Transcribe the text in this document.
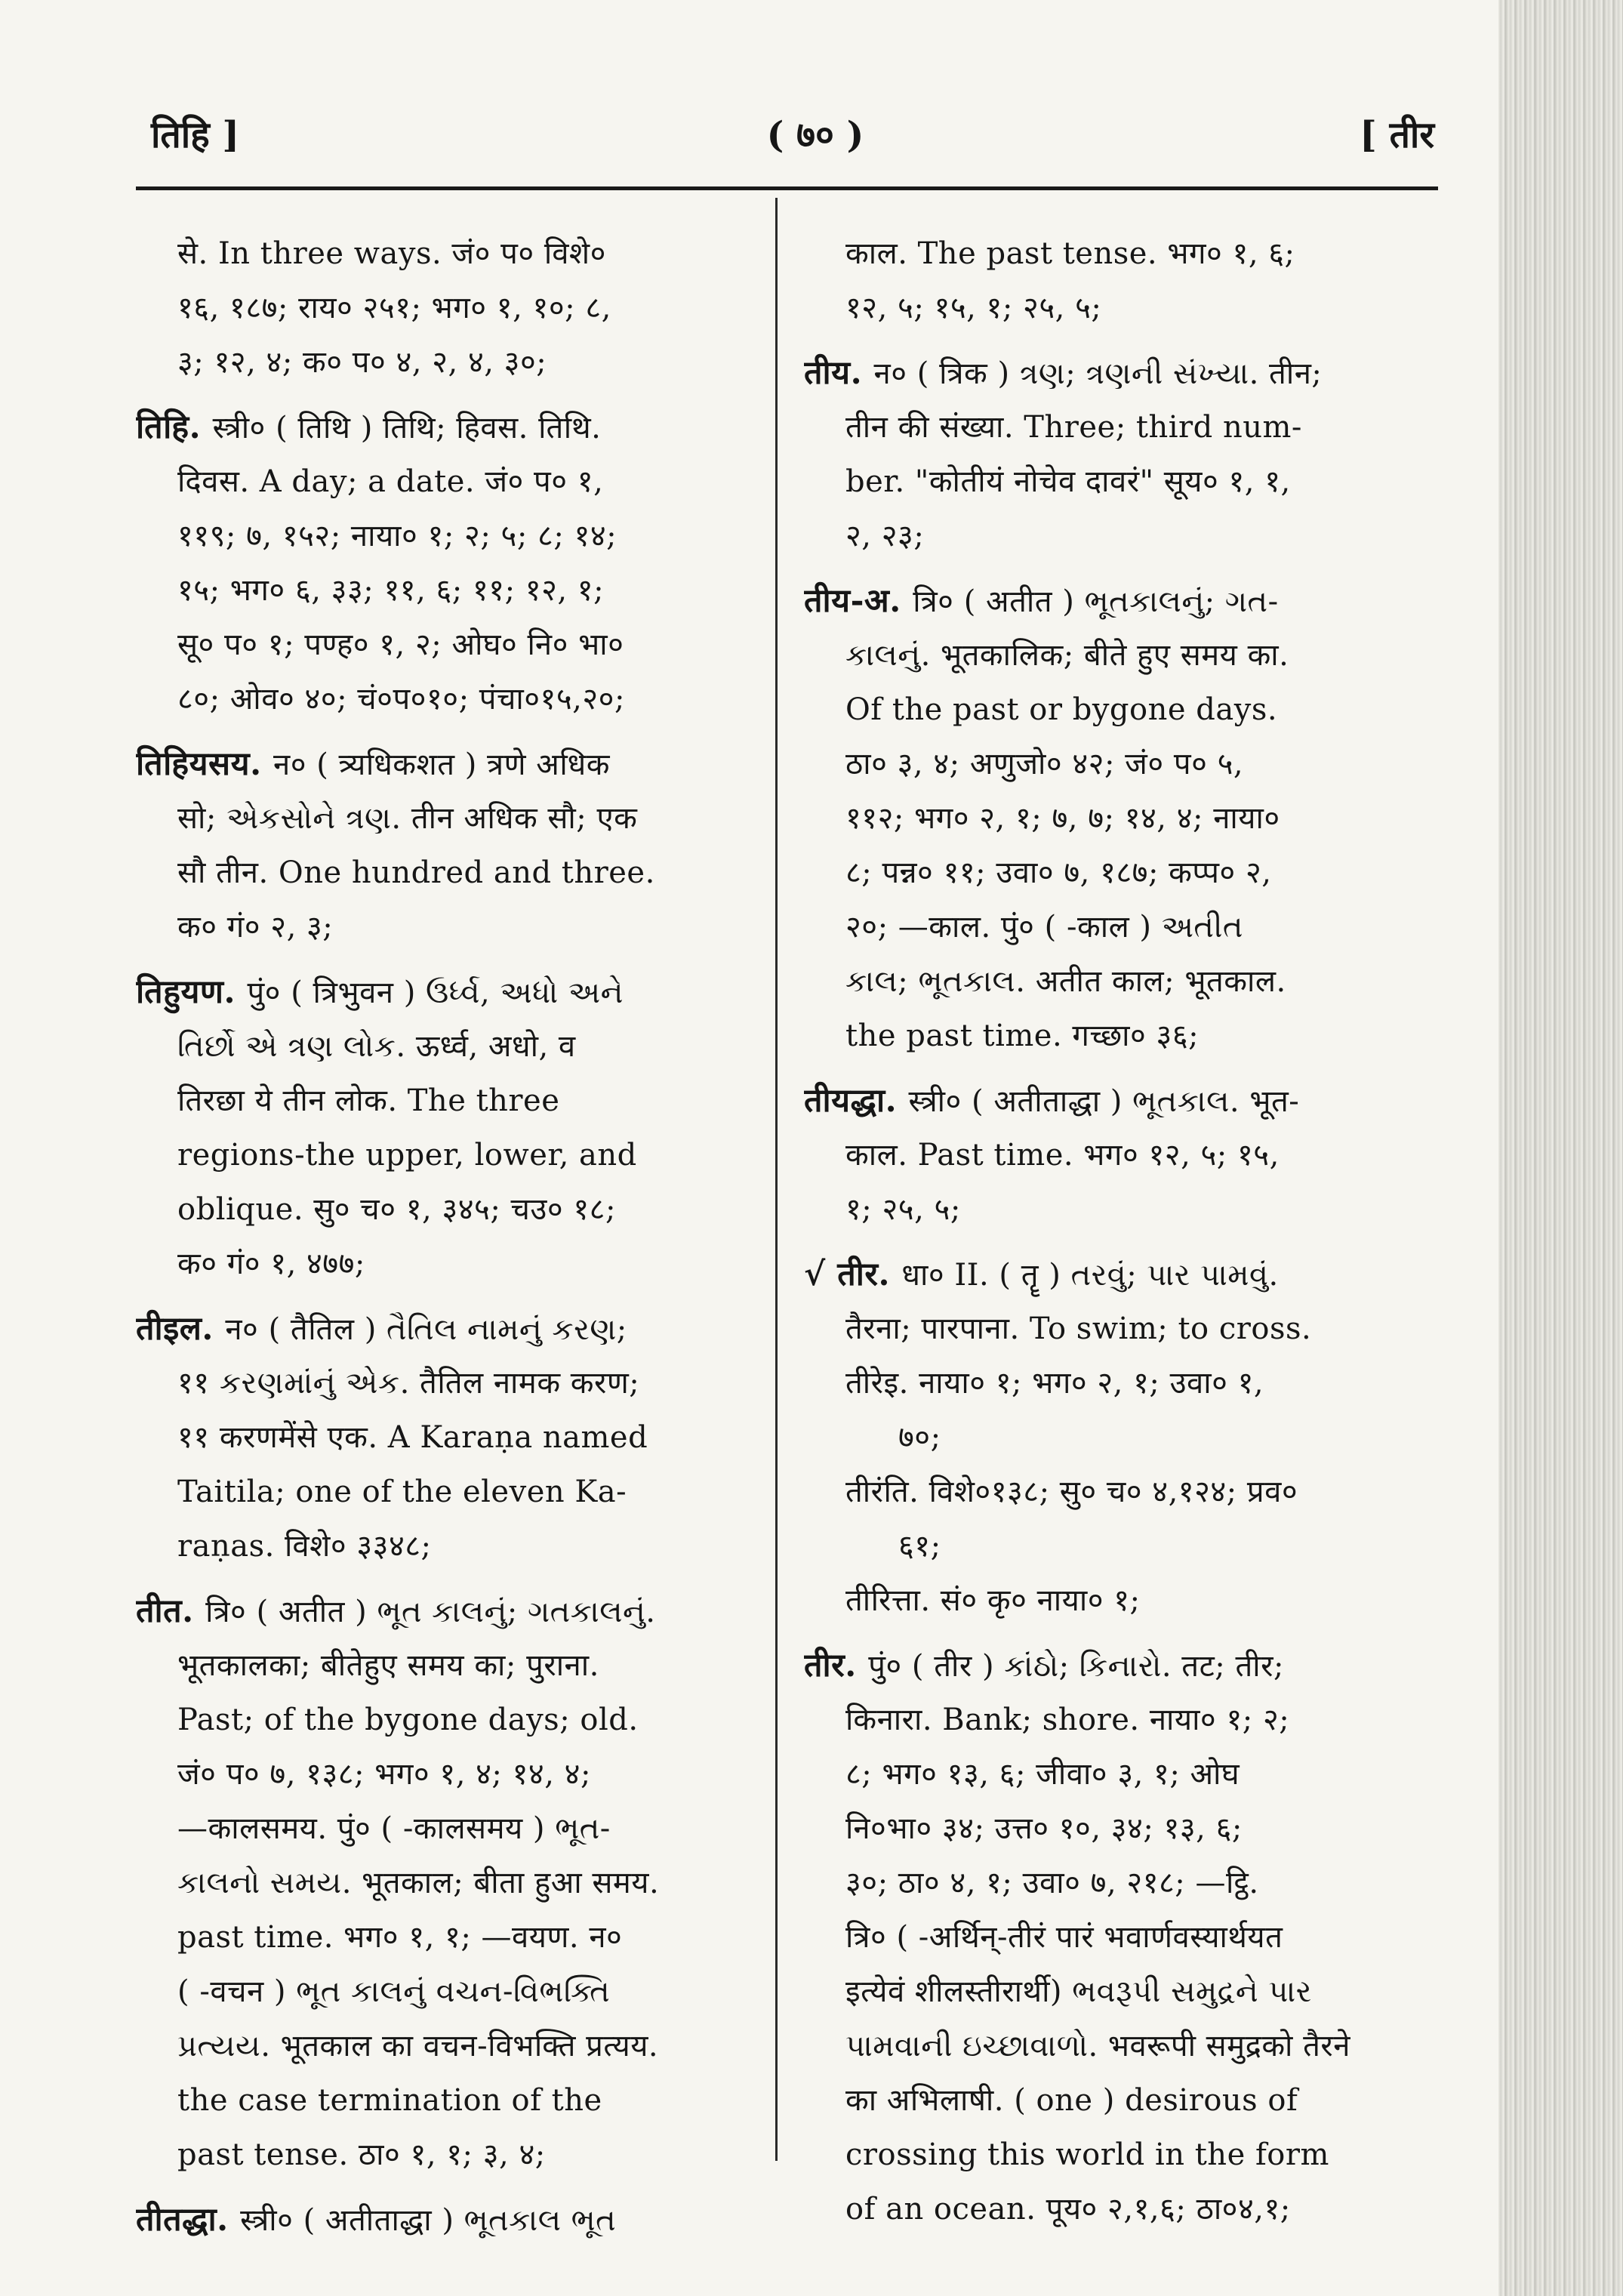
तिहि ]	( ७० )	[ तीर
से. In three ways. जं० प० विशे०
१६, १८७; राय० २५१; भग० १, १०; ८,
३; १२, ४; क० प० ४, २, ४, ३०;
तिहि. स्त्री० ( तिथि ) तिथि; हिवस. तिथि.
दिवस. A day; a date. जं० प० १,
११९; ७, १५२; नाया० १; २; ५; ८; १४;
१५; भग० ६, ३३; ११, ६; ११; १२, १;
सू० प० १; पण्ह० १, २; ओघ० नि० भा०
८०; ओव० ४०; चं०प०१०; पंचा०१५,२०;
तिहियसय. न० ( त्र्यधिकशत ) त्रणे अधिक
सो; એકસોને ત્રણ. तीन अधिक सौ; एक
सौ तीन. One hundred and three.
क० गं० २, ३;
तिहुयण. पुं० ( त्रिभुवन ) ઉર્ધ્વ, અધો અને
તિર્છો એ ત્રણ લોક. ऊर्ध्व, अधो, व
तिरछा ये तीन लोक. The three
regions-the upper, lower, and
oblique. सु० च० १, ३४५; चउ० १८;
क० गं० १, ४७७;
तीइल. न० ( तैतिल ) તૈતિલ નામનું કરણ;
११ કરણમાંનું એક. तैतिल नामक करण;
११ करणमेंसे एक. A Karaṇa named
Taitila; one of the eleven Ka-
raṇas. विशे० ३३४८;
तीत. त्रि० ( अतीत ) ભૂત કાલનું; ગતકાલનું.
भूतकालका; बीतेहुए समय का; पुराना.
Past; of the bygone days; old.
जं० प० ७, १३८; भग० १, ४; १४, ४;
—कालसमय. पुं० ( -कालसमय ) ભૂત-
કાલનો સમય. भूतकाल; बीता हुआ समय.
past time. भग० १, १; —वयण. न०
( -वचन ) ભૂત કાલનું વચન-વિભક્તિ
પ્રત્યય. भूतकाल का वचन-विभक्ति प्रत्यय.
the case termination of the
past tense. ठा० १, १; ३, ४;
तीतद्धा. स्त्री० ( अतीताद्धा ) ભૂતકાલ ભૂત
काल. The past tense. भग० १, ६;
१२, ५; १५, १; २५, ५;
तीय. न० ( त्रिक ) ત્રણ; ત્રણની સંખ્યા. तीन;
तीन की संख्या. Three; third num-
ber. "कोतीयं नोचेव दावरं" सूय० १, १,
२, २३;
तीय-अ. त्रि० ( अतीत ) ભૂતકાલનું; ગત-
કાલનું. भूतकालिक; बीते हुए समय का.
Of the past or bygone days.
ठा० ३, ४; अणुजो० ४२; जं० प० ५,
११२; भग० २, १; ७, ७; १४, ४; नाया०
८; पन्न० ११; उवा० ७, १८७; कप्प० २,
२०; —काल. पुं० ( -काल ) અતીત
કાલ; ભૂતકાલ. अतीत काल; भूतकाल.
the past time. गच्छा० ३६;
तीयद्धा. स्त्री० ( अतीताद्धा ) ભૂતકાલ. भूत-
काल. Past time. भग० १२, ५; १५,
१; २५, ५;
√ तीर. धा० II. ( तॄ ) તરવું; પાર પામવું.
तैरना; पारपाना. To swim; to cross.
तीरेइ. नाया० १; भग० २, १; उवा० १,
७०;
तीरंति. विशे०१३८; सु० च० ४,१२४; प्रव०
६१;
तीरित्ता. सं० कृ० नाया० १;
तीर. पुं० ( तीर ) કાંઠો; કિનારો. तट; तीर;
किनारा. Bank; shore. नाया० १; २;
८; भग० १३, ६; जीवा० ३, १; ओघ
नि०भा० ३४; उत्त० १०, ३४; १३, ६;
३०; ठा० ४, १; उवा० ७, २१८; —ट्ठि.
त्रि० ( -अर्थिन्-तीरं पारं भवार्णवस्यार्थयत
इत्येवं शीलस्तीरार्थी) ભવરૂપી સમુદ્રને પાર
પામવાની ઇચ્છાવાળો. भवरूपी समुद्रको तैरने
का अभिलाषी. ( one ) desirous of
crossing this world in the form
of an ocean. पूय० २,१,६; ठा०४,१;
